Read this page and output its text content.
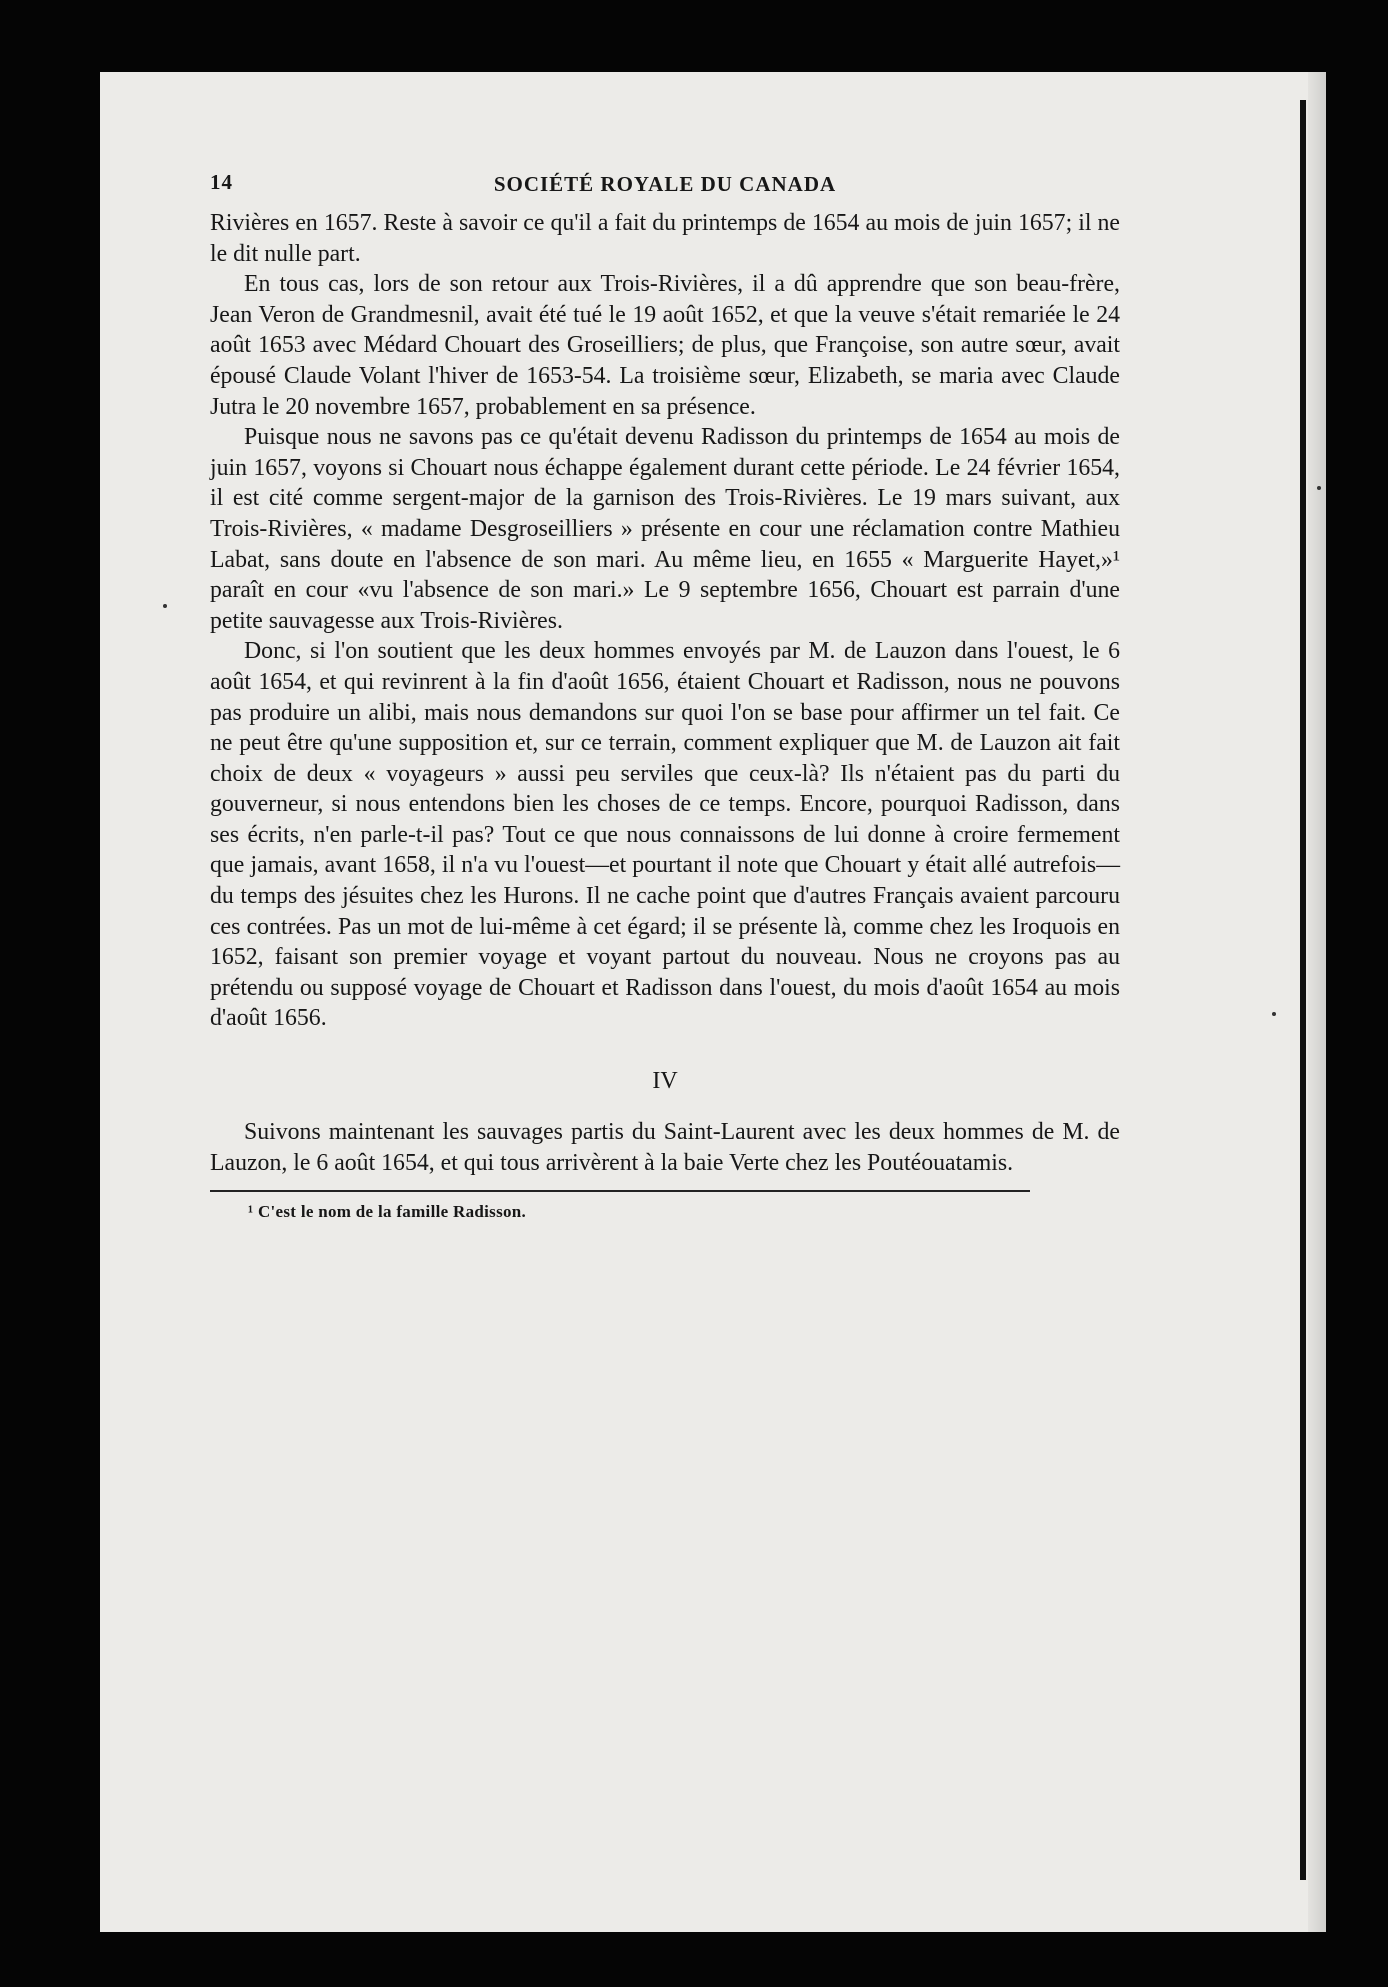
14	SOCIÉTÉ ROYALE DU CANADA

Rivières en 1657. Reste à savoir ce qu'il a fait du printemps de 1654 au mois de juin 1657; il ne le dit nulle part.

En tous cas, lors de son retour aux Trois-Rivières, il a dû apprendre que son beau-frère, Jean Veron de Grandmesnil, avait été tué le 19 août 1652, et que la veuve s'était remariée le 24 août 1653 avec Médard Chouart des Groseilliers; de plus, que Françoise, son autre sœur, avait épousé Claude Volant l'hiver de 1653-54. La troisième sœur, Elizabeth, se maria avec Claude Jutra le 20 novembre 1657, probablement en sa présence.

Puisque nous ne savons pas ce qu'était devenu Radisson du printemps de 1654 au mois de juin 1657, voyons si Chouart nous échappe également durant cette période. Le 24 février 1654, il est cité comme sergent-major de la garnison des Trois-Rivières. Le 19 mars suivant, aux Trois-Rivières, « madame Desgroseilliers » présente en cour une réclamation contre Mathieu Labat, sans doute en l'absence de son mari. Au même lieu, en 1655 « Marguerite Hayet,»¹ paraît en cour «vu l'absence de son mari.» Le 9 septembre 1656, Chouart est parrain d'une petite sauvagesse aux Trois-Rivières.

Donc, si l'on soutient que les deux hommes envoyés par M. de Lauzon dans l'ouest, le 6 août 1654, et qui revinrent à la fin d'août 1656, étaient Chouart et Radisson, nous ne pouvons pas produire un alibi, mais nous demandons sur quoi l'on se base pour affirmer un tel fait. Ce ne peut être qu'une supposition et, sur ce terrain, comment expliquer que M. de Lauzon ait fait choix de deux « voyageurs » aussi peu serviles que ceux-là? Ils n'étaient pas du parti du gouverneur, si nous entendons bien les choses de ce temps. Encore, pourquoi Radisson, dans ses écrits, n'en parle-t-il pas? Tout ce que nous connaissons de lui donne à croire fermement que jamais, avant 1658, il n'a vu l'ouest—et pourtant il note que Chouart y était allé autrefois—du temps des jésuites chez les Hurons. Il ne cache point que d'autres Français avaient parcouru ces contrées. Pas un mot de lui-même à cet égard; il se présente là, comme chez les Iroquois en 1652, faisant son premier voyage et voyant partout du nouveau. Nous ne croyons pas au prétendu ou supposé voyage de Chouart et Radisson dans l'ouest, du mois d'août 1654 au mois d'août 1656.

IV

Suivons maintenant les sauvages partis du Saint-Laurent avec les deux hommes de M. de Lauzon, le 6 août 1654, et qui tous arrivèrent à la baie Verte chez les Poutéouatamis.

¹ C'est le nom de la famille Radisson.
